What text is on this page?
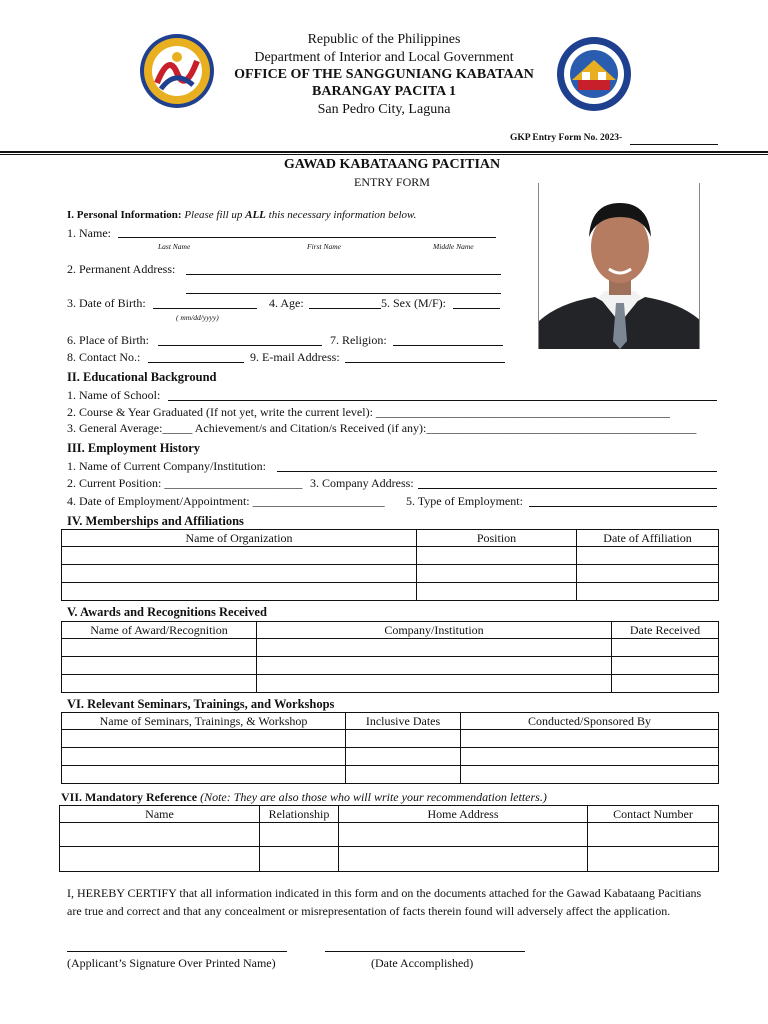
Republic of the Philippines
Department of Interior and Local Government
OFFICE OF THE SANGGUNIANG KABATAAN
BARANGAY PACITA 1
San Pedro City, Laguna
GKP Entry Form No. 2023-
GAWAD KABATAANG PACITIAN
ENTRY FORM
I. Personal Information: Please fill up ALL this necessary information below.
1. Name:
Last Name	First Name	Middle Name
2. Permanent Address:
3. Date of Birth:
( mm/dd/yyyy)
4. Age:	5. Sex (M/F):
6. Place of Birth:	7. Religion:
8. Contact No.:	9. E-mail Address:
II. Educational Background
1. Name of School:
2. Course & Year Graduated (If not yet, write the current level): _________________________________________________
3. General Average:_____ Achievement/s and Citation/s Received (if any):_____________________________________________
III. Employment History
1. Name of Current Company/Institution:
2. Current Position: _______________________ 3. Company Address:
4. Date of Employment/Appointment: ______________________ 5. Type of Employment:
IV. Memberships and Affiliations
Name of Organization	Position	Date of Affiliation

V. Awards and Recognitions Received
Name of Award/Recognition	Company/Institution	Date Received

VI. Relevant Seminars, Trainings, and Workshops
Name of Seminars, Trainings, & Workshop	Inclusive Dates	Conducted/Sponsored By

VII. Mandatory Reference (Note: They are also those who will write your recommendation letters.)
Name	Relationship	Home Address	Contact Number

I, HEREBY CERTIFY that all information indicated in this form and on the documents attached for the Gawad Kabataang Pacitians are true and correct and that any concealment or misrepresentation of facts therein found will adversely affect the application.
(Applicant’s Signature Over Printed Name)	(Date Accomplished)
